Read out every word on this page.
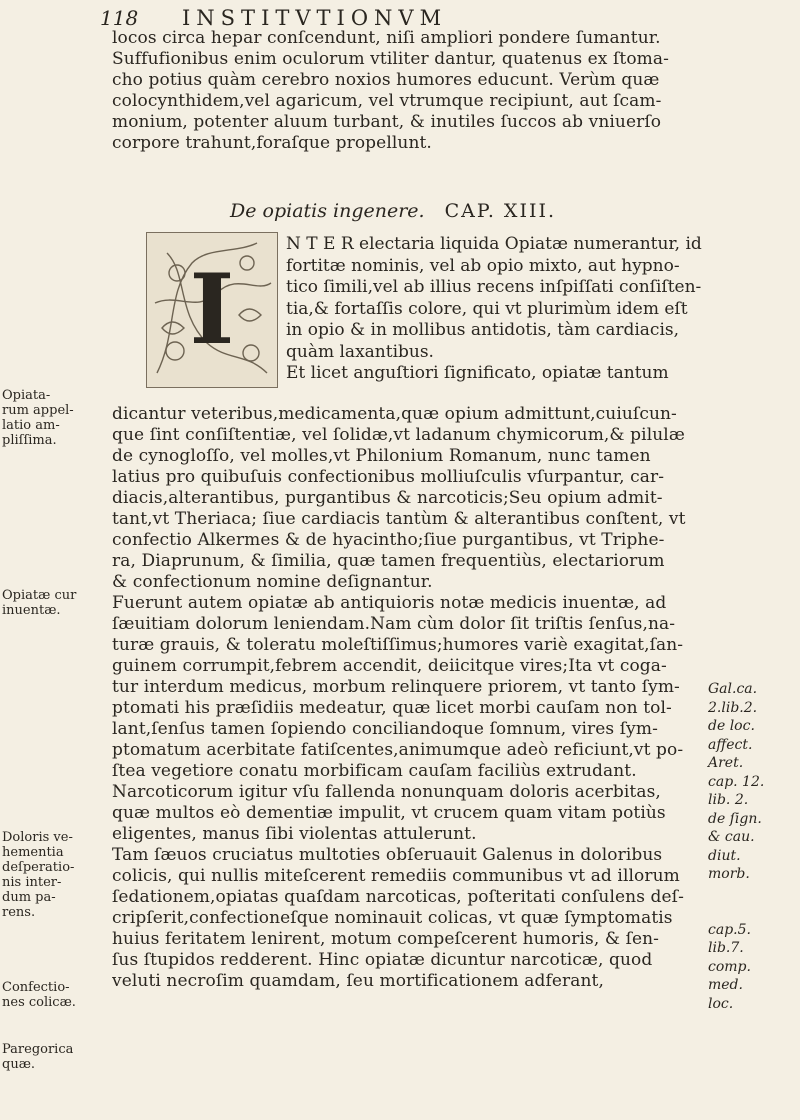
118 INSTITVTIONVM
locos circa hepar conſcendunt, niſi ampliori pondere ſumantur.
Suffufionibus enim oculorum vtiliter dantur, quatenus ex ſtoma-
cho potius quàm cerebro noxios humores educunt. Verùm quæ
colocynthidem,vel agaricum, vel vtrumque recipiunt, aut ſcam-
monium, potenter aluum turbant, & inutiles ſuccos ab vniuerſo
corpore trahunt,foraſque propellunt.
De opiatis ingenere. CAP. XIII.
I
N T E R electaria liquida Opiatæ numerantur, id
fortitæ nominis, vel ab opio mixto, aut hypno-
tico ſimili,vel ab illius recens inſpiſſati conſiſten-
tia,& fortaſſis colore, qui vt plurimùm idem eſt
in opio & in mollibus antidotis, tàm cardiacis,
quàm laxantibus.
Et licet anguſtiori ſignificato, opiatæ tantum
dicantur veteribus,medicamenta,quæ opium admittunt,cuiuſcun-
que ſint conſiſtentiæ, vel ſolidæ,vt ladanum chymicorum,& pilulæ
de cynogloſſo, vel molles,vt Philonium Romanum, nunc tamen
latius pro quibuſuis confectionibus molliuſculis vſurpantur, car-
diacis,alterantibus, purgantibus & narcoticis;Seu opium admit-
tant,vt Theriaca; ſiue cardiacis tantùm & alterantibus conſtent, vt
confectio Alkermes & de hyacintho;ſiue purgantibus, vt Triphe-
ra, Diaprunum, & ſimilia, quæ tamen frequentiùs, electariorum
& confectionum nomine deſignantur.
Fuerunt autem opiatæ ab antiquioris notæ medicis inuentæ, ad
ſæuitiam dolorum leniendam.Nam cùm dolor ſit triſtis ſenſus,na-
turæ grauis, & toleratu moleſtiſſimus;humores variè exagitat,ſan-
guinem corrumpit,febrem accendit, deiicitque vires;Ita vt coga-
tur interdum medicus, morbum relinquere priorem, vt tanto ſym-
ptomati his præſidiis medeatur, quæ licet morbi cauſam non tol-
lant,ſenſus tamen ſopiendo conciliandoque ſomnum, vires ſym-
ptomatum acerbitate fatiſcentes,animumque adeò reficiunt,vt po-
ſtea vegetiore conatu morbificam cauſam faciliùs extrudant.
Narcoticorum igitur vſu fallenda nonunquam doloris acerbitas,
quæ multos eò dementiæ impulit, vt crucem quam vitam potiùs
eligentes, manus ſibi violentas attulerunt.
Tam ſæuos cruciatus multoties obſeruauit Galenus in doloribus
colicis, qui nullis miteſcerent remediis communibus vt ad illorum
ſedationem,opiatas quaſdam narcoticas, poſteritati conſulens deſ-
cripſerit,confectioneſque nominauit colicas, vt quæ ſymptomatis
huius feritatem lenirent, motum compeſcerent humoris, & ſen-
ſus ſtupidos redderent. Hinc opiatæ dicuntur narcoticæ, quod
veluti necroſim quamdam, ſeu mortificationem adferant,
Opiata-
rum appel-
latio am-
pliſſima.
Opiatæ cur
inuentæ.
Doloris ve-
hementia
deſperatio-
nis inter-
dum pa-
rens.
Confectio-
nes colicæ.
Paregorica
quæ.
Gal.ca.
2.lib.2.
de loc.
affect.
Aret.
cap. 12.
lib. 2.
de ſign.
& cau.
diut.
morb.

cap.5.
lib.7.
comp.
med.
loc.
